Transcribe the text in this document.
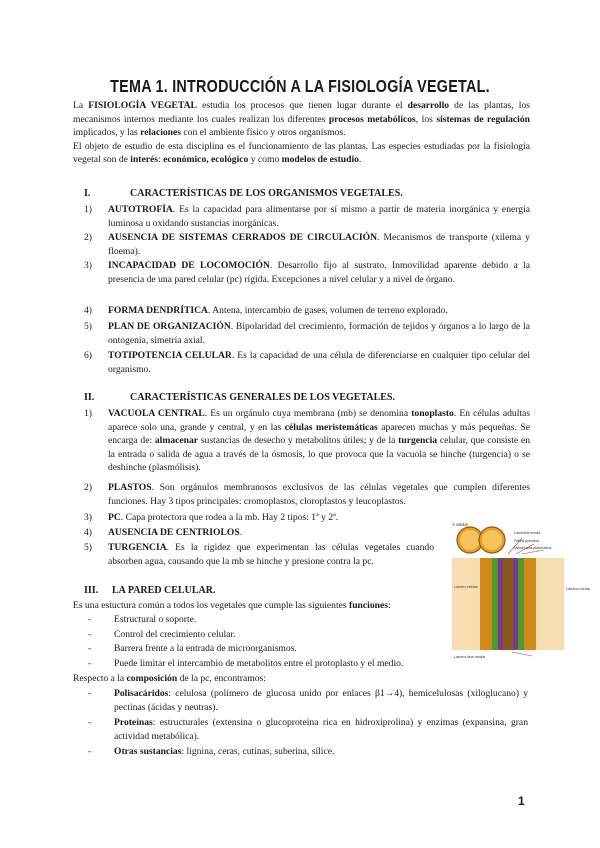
TEMA 1. INTRODUCCIÓN A LA FISIOLOGÍA VEGETAL.
La FISIOLOGÍA VEGETAL estudia los procesos que tienen lugar durante el desarrollo de las plantas, los mecanismos internos mediante los cuales realizan los diferentes procesos metabólicos, los sistemas de regulación implicados, y las relaciones con el ambiente físico y otros organismos.
El objeto de estudio de esta disciplina es el funcionamiento de las plantas. Las especies estudiadas por la fisiología vegetal son de interés: económico, ecológico y como modelos de estudio.
I.	CARACTERÍSTICAS DE LOS ORGANISMOS VEGETALES.
1) AUTOTROFÍA. Es la capacidad para alimentarse por sí mismo a partir de materia inorgánica y energía lumínosa u oxidando sustancias inorgánicas.
2) AUSENCIA DE SISTEMAS CERRADOS DE CIRCULACIÓN. Mecanismos de transporte (xilema y floema).
3) INCAPACIDAD DE LOCOMOCIÓN. Desarrollo fijo al sustrato. Inmovilidad aparente debido a la presencia de una pared celular (pc) rígida. Excepciones a nivel celular y a nivel de órgano.
4) FORMA DENDRÍTICA. Antena, intercambio de gases, volumen de terreno explorado.
5) PLAN DE ORGANIZACIÓN. Bipolaridad del crecimiento, formación de tejidos y órganos a lo largo de la ontogenia, simetría axial.
6) TOTIPOTENCIA CELULAR. Es la capacidad de una célula de diferenciarse en cualquier tipo celular del organismo.
II.	CARACTERÍSTICAS GENERALES DE LOS VEGETALES.
1) VACUOLA CENTRAL. Es un orgánulo cuya membrana (mb) se denomina tonoplasto. En células adultas aparece solo una, grande y central, y en las células meristemáticas aparecen muchas y más pequeñas. Se encarga de: almacenar sustancias de desecho y metabolitos útiles; y de la turgencia celular, que consiste en la entrada o salida de agua a través de la ósmosis, lo que provoca que la vacuola se hinche (turgencia) o se deshinche (plasmólisis).
2) PLASTOS. Son orgánulos membranosos exclusivos de las células vegetales que cumplen diferentes funciones. Hay 3 tipos principales: cromoplastos, cloroplastos y leucoplastos.
3) PC. Capa protectora que rodea a la mb. Hay 2 tipos: 1ª y 2ª.
4) AUSENCIA DE CENTRIOLOS.
5) TURGENCIA. Es la rigidez que experimentan las células vegetales cuando absorben agua, causando que la mb se hinche y presione contra la pc.
III. LA PARED CELULAR.
Es una estuctura común a todos los vegetales que cumple las siguientes funciones:
- Estructural o soporte.
- Control del crecimiento celular.
- Barrera frente a la entrada de microorganismos.
- Puede limitar el intercambio de metabolitos entre el protoplasto y el medio.
Respecto a la composición de la pc, encontramos:
- Polisacáridos: celulosa (polímero de glucosa unido por enlaces β1→4), hemicelulosas (xiloglucano) y pectinas (ácidas y neutras).
- Proteínas: estructurales (extensina o glucoproteína rica en hidroxiprolina) y enzimas (expansina, gran actividad metabólica).
- Otras sustancias: lignina, ceras, cutinas, suberina, sílice.
A celular
Laminilla media
Pared primaria
Membrana plasmática
Lámina media
Lumen celular
Lámina fina media
1
